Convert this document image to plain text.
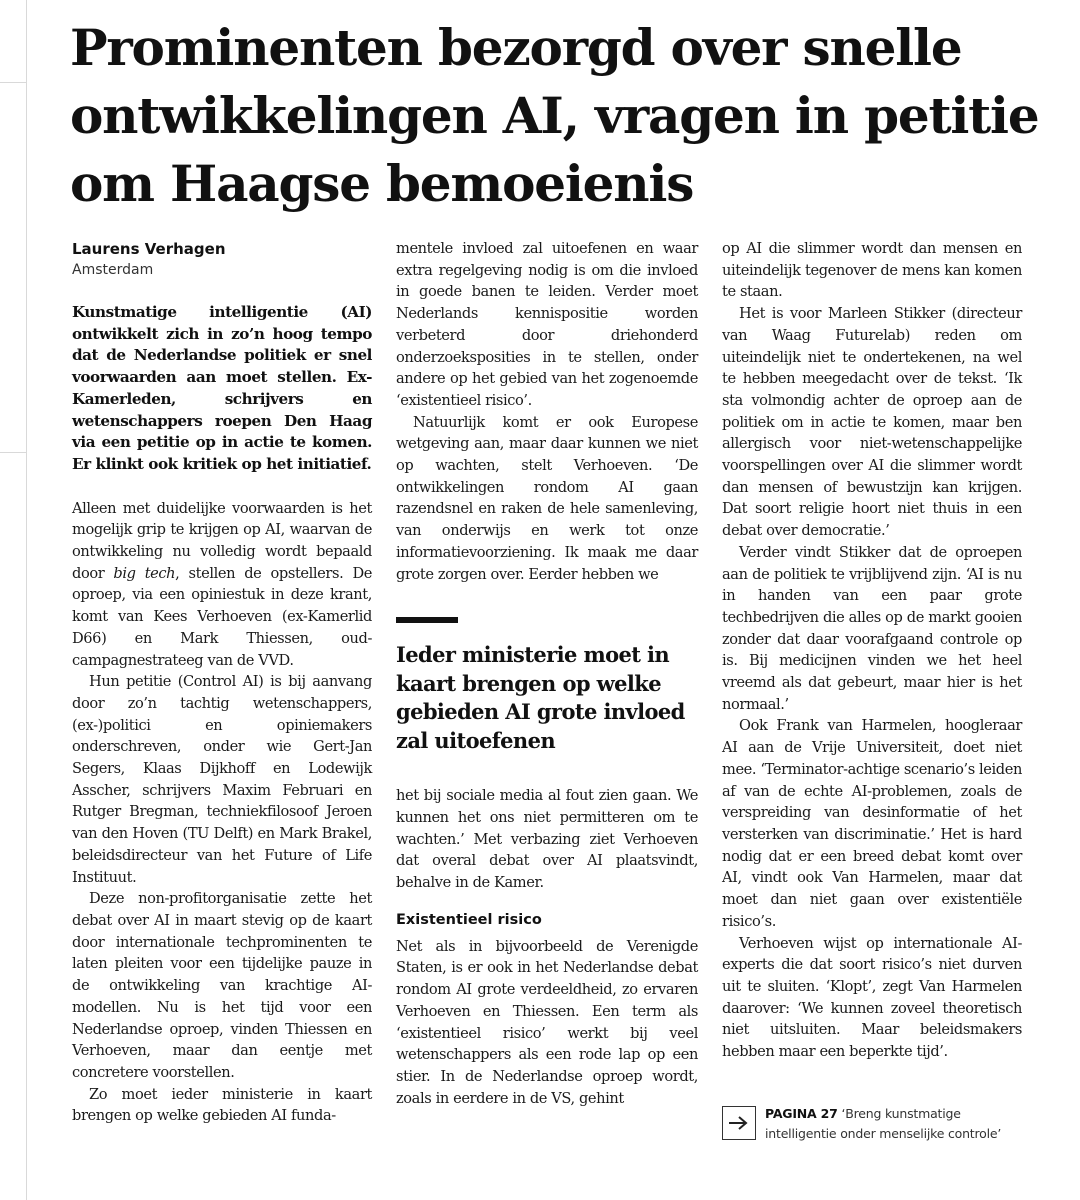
Prominenten bezorgd over snelle ontwikkelingen AI, vragen in petitie om Haagse bemoeienis
Laurens Verhagen
Amsterdam

Kunstmatige intelligentie (AI) ontwikkelt zich in zo’n hoog tempo dat de Nederlandse politiek er snel voorwaarden aan moet stellen. Ex-Kamerleden, schrijvers en wetenschappers roepen Den Haag via een petitie op in actie te komen. Er klinkt ook kritiek op het initiatief.

Alleen met duidelijke voorwaarden is het mogelijk grip te krijgen op AI, waarvan de ontwikkeling nu volledig wordt bepaald door big tech, stellen de opstellers. De oproep, via een opiniestuk in deze krant, komt van Kees Verhoeven (ex-Kamerlid D66) en Mark Thiessen, oud-campagnestrateeg van de VVD.

Hun petitie (Control AI) is bij aanvang door zo’n tachtig wetenschappers, (ex-)politici en opiniemakers onderschreven, onder wie Gert-Jan Segers, Klaas Dijkhoff en Lodewijk Asscher, schrijvers Maxim Februari en Rutger Bregman, techniekfilosoof Jeroen van den Hoven (TU Delft) en Mark Brakel, beleidsdirecteur van het Future of Life Instituut.

Deze non-profitorganisatie zette het debat over AI in maart stevig op de kaart door internationale techprominenten te laten pleiten voor een tijdelijke pauze in de ontwikkeling van krachtige AI-modellen. Nu is het tijd voor een Nederlandse oproep, vinden Thiessen en Verhoeven, maar dan eentje met concretere voorstellen.

Zo moet ieder ministerie in kaart brengen op welke gebieden AI funda-

mentele invloed zal uitoefenen en waar extra regelgeving nodig is om die invloed in goede banen te leiden. Verder moet Nederlands kennispositie worden verbeterd door driehonderd onderzoeksposities in te stellen, onder andere op het gebied van het zogenoemde ‘existentieel risico’.

Natuurlijk komt er ook Europese wetgeving aan, maar daar kunnen we niet op wachten, stelt Verhoeven. ‘De ontwikkelingen rondom AI gaan razendsnel en raken de hele samenleving, van onderwijs en werk tot onze informatievoorziening. Ik maak me daar grote zorgen over. Eerder hebben we

Ieder ministerie moet in kaart brengen op welke gebieden AI grote invloed zal uitoefenen

het bij sociale media al fout zien gaan. We kunnen het ons niet permitteren om te wachten.’ Met verbazing ziet Verhoeven dat overal debat over AI plaatsvindt, behalve in de Kamer.

Existentieel risico

Net als in bijvoorbeeld de Verenigde Staten, is er ook in het Nederlandse debat rondom AI grote verdeeldheid, zo ervaren Verhoeven en Thiessen. Een term als ‘existentieel risico’ werkt bij veel wetenschappers als een rode lap op een stier. In de Nederlandse oproep wordt, zoals in eerdere in de VS, gehint

op AI die slimmer wordt dan mensen en uiteindelijk tegenover de mens kan komen te staan.

Het is voor Marleen Stikker (directeur van Waag Futurelab) reden om uiteindelijk niet te ondertekenen, na wel te hebben meegedacht over de tekst. ‘Ik sta volmondig achter de oproep aan de politiek om in actie te komen, maar ben allergisch voor niet-wetenschappelijke voorspellingen over AI die slimmer wordt dan mensen of bewustzijn kan krijgen. Dat soort religie hoort niet thuis in een debat over democratie.’

Verder vindt Stikker dat de oproepen aan de politiek te vrijblijvend zijn. ‘AI is nu in handen van een paar grote techbedrijven die alles op de markt gooien zonder dat daar voorafgaand controle op is. Bij medicijnen vinden we het heel vreemd als dat gebeurt, maar hier is het normaal.’

Ook Frank van Harmelen, hoogleraar AI aan de Vrije Universiteit, doet niet mee. ‘Terminator-achtige scenario’s leiden af van de echte AI-problemen, zoals de verspreiding van desinformatie of het versterken van discriminatie.’ Het is hard nodig dat er een breed debat komt over AI, vindt ook Van Harmelen, maar dat moet dan niet gaan over existentiële risico’s.

Verhoeven wijst op internationale AI-experts die dat soort risico’s niet durven uit te sluiten. ‘Klopt’, zegt Van Harmelen daarover: ‘We kunnen zoveel theoretisch niet uitsluiten. Maar beleidsmakers hebben maar een beperkte tijd’.

PAGINA 27 ‘Breng kunstmatige intelligentie onder menselijke controle’
